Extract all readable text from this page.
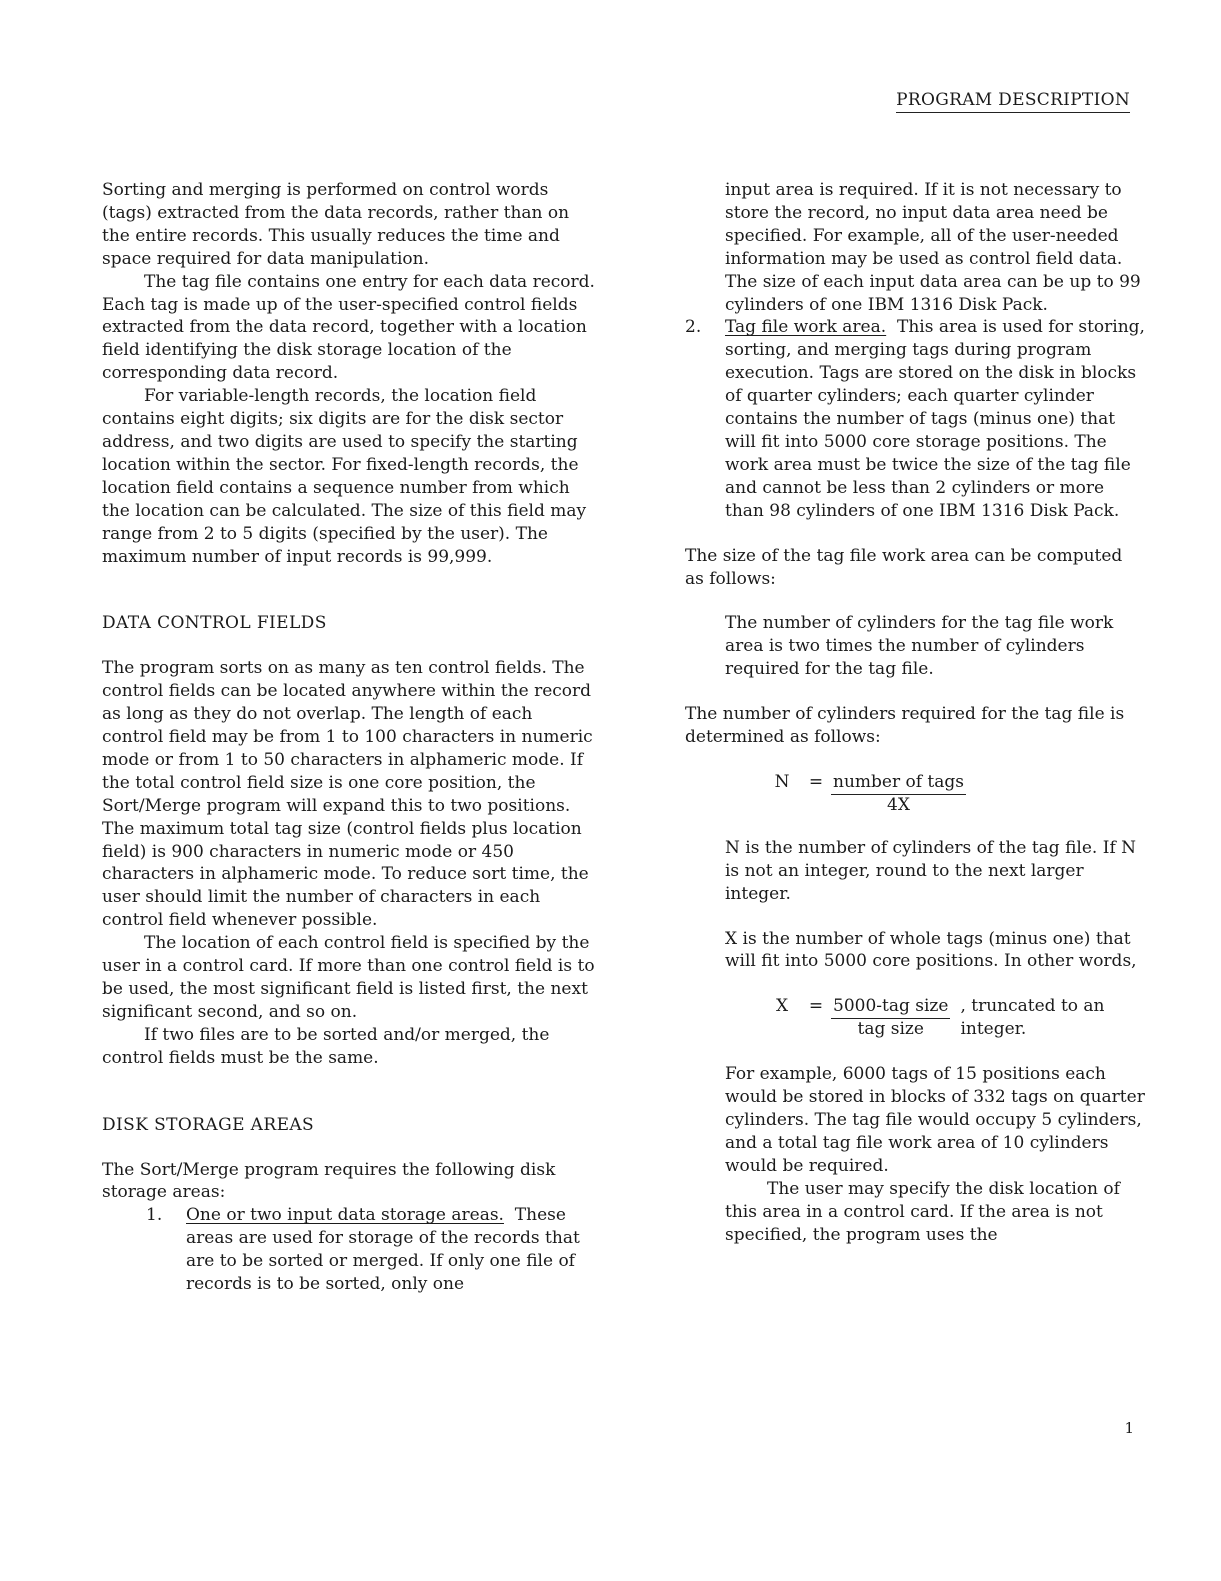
PROGRAM DESCRIPTION

Sorting and merging is performed on control words (tags) extracted from the data records, rather than on the entire records. This usually reduces the time and space required for data manipulation.

The tag file contains one entry for each data record. Each tag is made up of the user-specified control fields extracted from the data record, together with a location field identifying the disk storage location of the corresponding data record.

For variable-length records, the location field contains eight digits; six digits are for the disk sector address, and two digits are used to specify the starting location within the sector. For fixed-length records, the location field contains a sequence number from which the location can be calculated. The size of this field may range from 2 to 5 digits (specified by the user). The maximum number of input records is 99,999.

DATA CONTROL FIELDS

The program sorts on as many as ten control fields. The control fields can be located anywhere within the record as long as they do not overlap. The length of each control field may be from 1 to 100 characters in numeric mode or from 1 to 50 characters in alphameric mode. If the total control field size is one core position, the Sort/Merge program will expand this to two positions. The maximum total tag size (control fields plus location field) is 900 characters in numeric mode or 450 characters in alphameric mode. To reduce sort time, the user should limit the number of characters in each control field whenever possible.

The location of each control field is specified by the user in a control card. If more than one control field is to be used, the most significant field is listed first, the next significant second, and so on.

If two files are to be sorted and/or merged, the control fields must be the same.

DISK STORAGE AREAS

The Sort/Merge program requires the following disk storage areas:

1.	One or two input data storage areas. These areas are used for storage of the records that are to be sorted or merged. If only one file of records is to be sorted, only one

input area is required. If it is not necessary to store the record, no input data area need be specified. For example, all of the user-needed information may be used as control field data. The size of each input data area can be up to 99 cylinders of one IBM 1316 Disk Pack.

2.	Tag file work area. This area is used for storing, sorting, and merging tags during program execution. Tags are stored on the disk in blocks of quarter cylinders; each quarter cylinder contains the number of tags (minus one) that will fit into 5000 core storage positions. The work area must be twice the size of the tag file and cannot be less than 2 cylinders or more than 98 cylinders of one IBM 1316 Disk Pack.

The size of the tag file work area can be computed as follows:

The number of cylinders for the tag file work area is two times the number of cylinders required for the tag file.

The number of cylinders required for the tag file is determined as follows:

N	= $\frac{\text{number of tags}}{4X}$

N is the number of cylinders of the tag file. If N is not an integer, round to the next larger integer.

X is the number of whole tags (minus one) that will fit into 5000 core positions. In other words,

X	= $\frac{\text{5000-tag size}}{\text{tag size}}$ , truncated to an integer.

For example, 6000 tags of 15 positions each would be stored in blocks of 332 tags on quarter cylinders. The tag file would occupy 5 cylinders, and a total tag file work area of 10 cylinders would be required.

The user may specify the disk location of this area in a control card. If the area is not specified, the program uses the

1
